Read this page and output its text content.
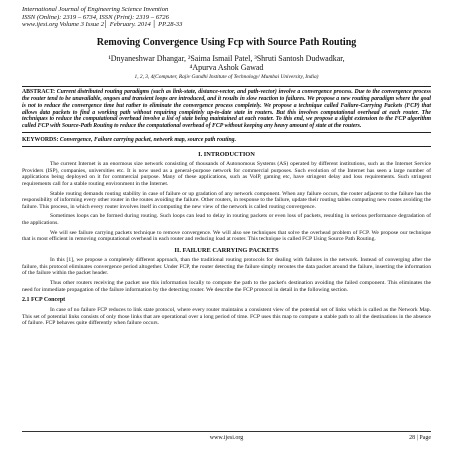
International Journal of Engineering Science Invention
ISSN (Online): 2319 – 6734, ISSN (Print): 2319 – 6726
www.ijesi.org Volume 3 Issue 2│ February. 2014 │ PP.28-33
Removing Convergence Using Fcp with Source Path Routing
¹Dnyaneshwar Dhangar, ²Saima Ismail Patel, ³Shruti Santosh Dudwadkar,
⁴Apurva Ashok Gawad
1, 2, 3, 4(Computer, Rajiv Gandhi Institute of Technology/ Mumbai University, India)
ABSTRACT: Current distributed routing paradigms (such as link-state, distance-vector, and path-vector) involve a convergence process. Due to the convergence process the router tend to be unavailable, ongoes and transient loops are introduced, and it results in slow reaction to failures. We propose a new routing paradigm where the goal is not to reduce the convergence time but rather to eliminate the convergence process completely. We propose a technique called Failure-Carrying Packets (FCP) that allows data packets to find a working path without requiring completely up-to-date state in routers. But this involves computational overhead at each router. The techniques to reduce the computational overhead involve a list of state being maintained at each router. To this end, we propose a slight extension to the FCP algorithm called FCP with Source-Path Routing to reduce the computational overhead of FCP without keeping any heavy amount of state at the routers.
KEYWORDS: Convergence, Failure carrying packet, network map, source path routing.
I. INTRODUCTION
The current Internet is an enormous size network consisting of thousands of Autonomous Systems (AS) operated by different institutions, such as the Internet Service Providers (ISP), companies, universities etc. It is now used as a general-purpose network for commercial purposes. Such evolution of the Internet has seen a large number of applications being deployed on it for commercial purpose. Many of these applications, such as VoIP, gaming etc, have stringent delay and loss requirements. Such stringent requirements call for a stable routing environment in the Internet.
Stable routing demands routing stability in case of failure or up gradation of any network component. When any failure occurs, the router adjacent to the failure has the responsibility of informing every other router in the routes avoiding the failure. Other routers, in response to the failure, update their routing tables computing new routes avoiding the failure. This process, in which every router involves itself in computing the new view of the network is called routing convergence.
Sometimes loops can be formed during routing. Such loops can lead to delay in routing packets or even loss of packets, resulting in serious performance degradation of the applications.
We will see failure carrying packets technique to remove convergence. We will also see techniques that solve the overhead problem of FCP. We propose our technique that is most efficient in removing computational overhead in each router and reducing load at router. This technique is called FCP Using Source Path Routing.
II. FAILURE CARRYING PACKETS
In this [1], we propose a completely different approach, than the traditional routing protocols for dealing with failures in the network. Instead of converging after the failure, this protocol eliminates convergence period altogether. Under FCP, the router detecting the failure simply reroutes the data packet around the failure, inserting the information of the failure within the packet header.
Thus other routers receiving the packet use this information locally to compute the path to the packet's destination avoiding the failed component. This eliminates the need for immediate propagation of the failure information by the detecting router. We describe the FCP protocol in detail in the following section.
2.1 FCP Concept
In case of no failure FCP reduces to link state protocol, where every router maintains a consistent view of the potential set of links which is called as the Network Map. This set of potential links consists of only those links that are operational over a long period of time. FCP uses this map to compute a stable path to all the destinations in the absence of failure. FCP behaves quite differently when failure occurs.
www.ijesi.org	28 | Page
